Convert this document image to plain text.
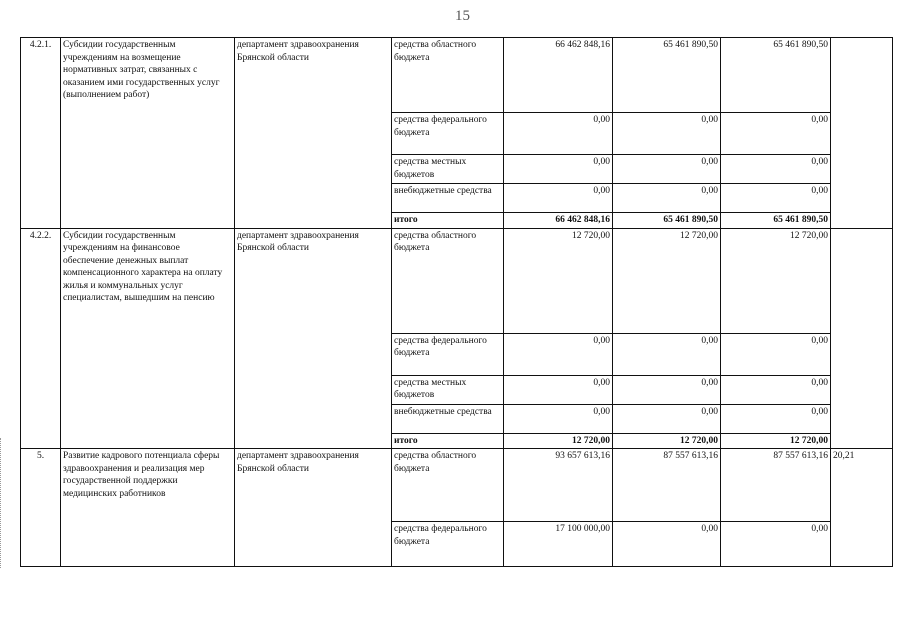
15
4.2.1.	Субсидии государственным учреждениям на возмещение нормативных затрат, связанных с оказанием ими государственных услуг (выполнением работ)	департамент здравоохранения Брянской области	средства областного бюджета	66 462 848,16	65 461 890,50	65 461 890,50	
			средства федерального бюджета	0,00	0,00	0,00	
			средства местных бюджетов	0,00	0,00	0,00	
			внебюджетные средства	0,00	0,00	0,00	
			итого	66 462 848,16	65 461 890,50	65 461 890,50	
4.2.2.	Субсидии государственным учреждениям на финансовое обеспечение денежных выплат компенсационного характера на оплату жилья и коммунальных услуг специалистам, вышедшим на пенсию	департамент здравоохранения Брянской области	средства областного бюджета	12 720,00	12 720,00	12 720,00	
			средства федерального бюджета	0,00	0,00	0,00	
			средства местных бюджетов	0,00	0,00	0,00	
			внебюджетные средства	0,00	0,00	0,00	
			итого	12 720,00	12 720,00	12 720,00	
5.	Развитие кадрового потенциала сферы здравоохранения и реализация мер государственной поддержки медицинских работников	департамент здравоохранения Брянской области	средства областного бюджета	93 657 613,16	87 557 613,16	87 557 613,16	20,21
			средства федерального бюджета	17 100 000,00	0,00	0,00	
